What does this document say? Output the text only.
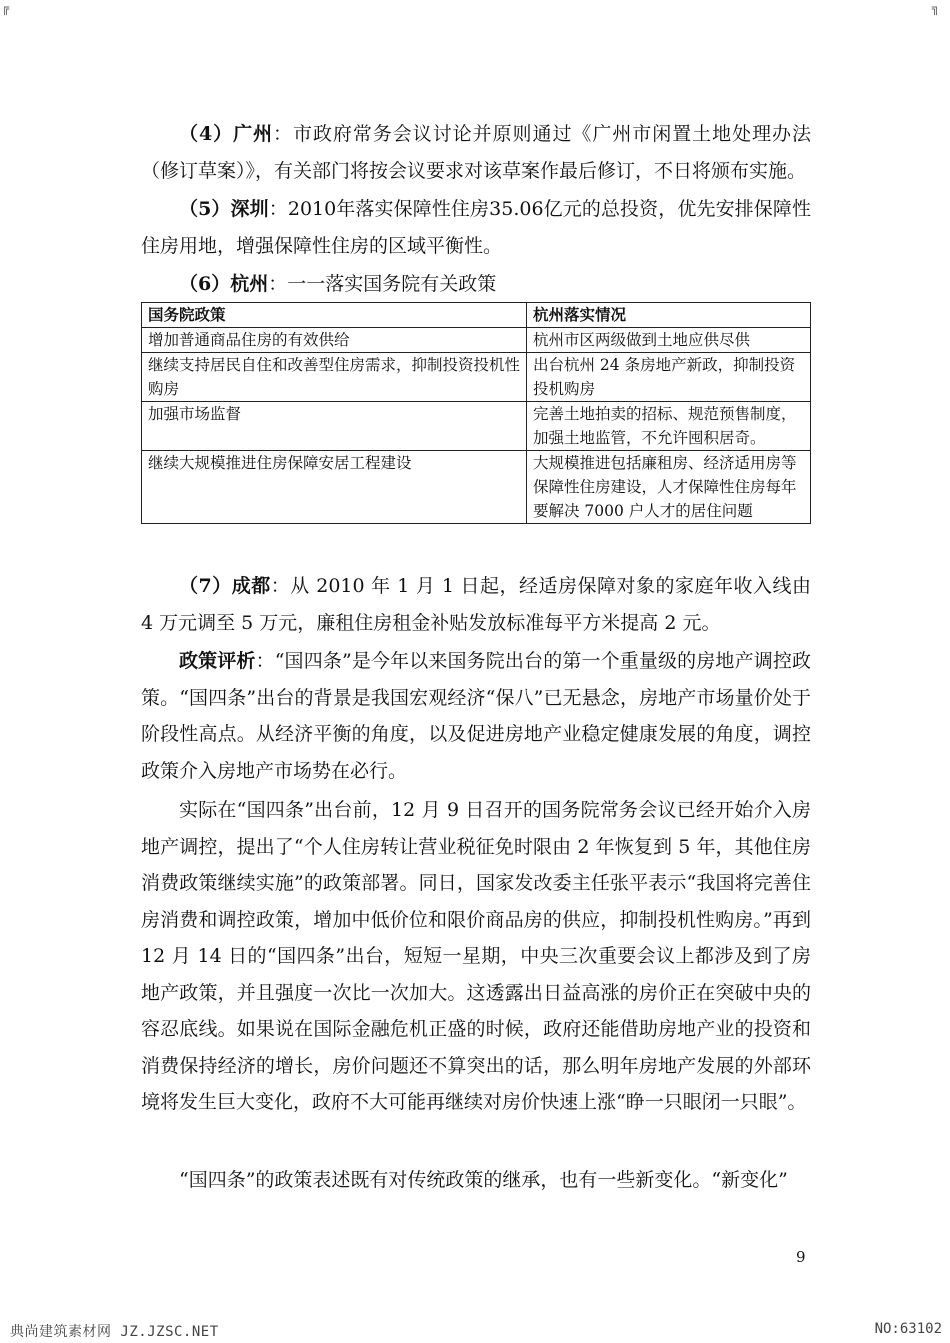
╔	╗

（4）广州：市政府常务会议讨论并原则通过《广州市闲置土地处理办法（修订草案）》，有关部门将按会议要求对该草案作最后修订，不日将颁布实施。

（5）深圳：2010年落实保障性住房35.06亿元的总投资，优先安排保障性住房用地，增强保障性住房的区域平衡性。

（6）杭州：一一落实国务院有关政策

国务院政策	杭州落实情况
增加普通商品住房的有效供给	杭州市区两级做到土地应供尽供
继续支持居民自住和改善型住房需求，抑制投资投机性购房	出台杭州 24 条房地产新政，抑制投资投机购房
加强市场监督	完善土地拍卖的招标、规范预售制度，加强土地监管，不允许囤积居奇。
继续大规模推进住房保障安居工程建设	大规模推进包括廉租房、经济适用房等保障性住房建设，人才保障性住房每年要解决 7000 户人才的居住问题

（7）成都：从 2010 年 1 月 1 日起，经适房保障对象的家庭年收入线由 4 万元调至 5 万元，廉租住房租金补贴发放标准每平方米提高 2 元。

政策评析：“国四条”是今年以来国务院出台的第一个重量级的房地产调控政策。“国四条”出台的背景是我国宏观经济“保八”已无悬念，房地产市场量价处于阶段性高点。从经济平衡的角度，以及促进房地产业稳定健康发展的角度，调控政策介入房地产市场势在必行。

实际在“国四条”出台前，12 月 9 日召开的国务院常务会议已经开始介入房地产调控，提出了“个人住房转让营业税征免时限由 2 年恢复到 5 年，其他住房消费政策继续实施”的政策部署。同日，国家发改委主任张平表示“我国将完善住房消费和调控政策，增加中低价位和限价商品房的供应，抑制投机性购房。”再到 12 月 14 日的“国四条”出台，短短一星期，中央三次重要会议上都涉及到了房地产政策，并且强度一次比一次加大。这透露出日益高涨的房价正在突破中央的容忍底线。如果说在国际金融危机正盛的时候，政府还能借助房地产业的投资和消费保持经济的增长，房价问题还不算突出的话，那么明年房地产发展的外部环境将发生巨大变化，政府不大可能再继续对房价快速上涨“睁一只眼闭一只眼”。

“国四条”的政策表述既有对传统政策的继承，也有一些新变化。“新变化”

9
典尚建筑素材网 JZ.JZSC.NET	NO:63102
